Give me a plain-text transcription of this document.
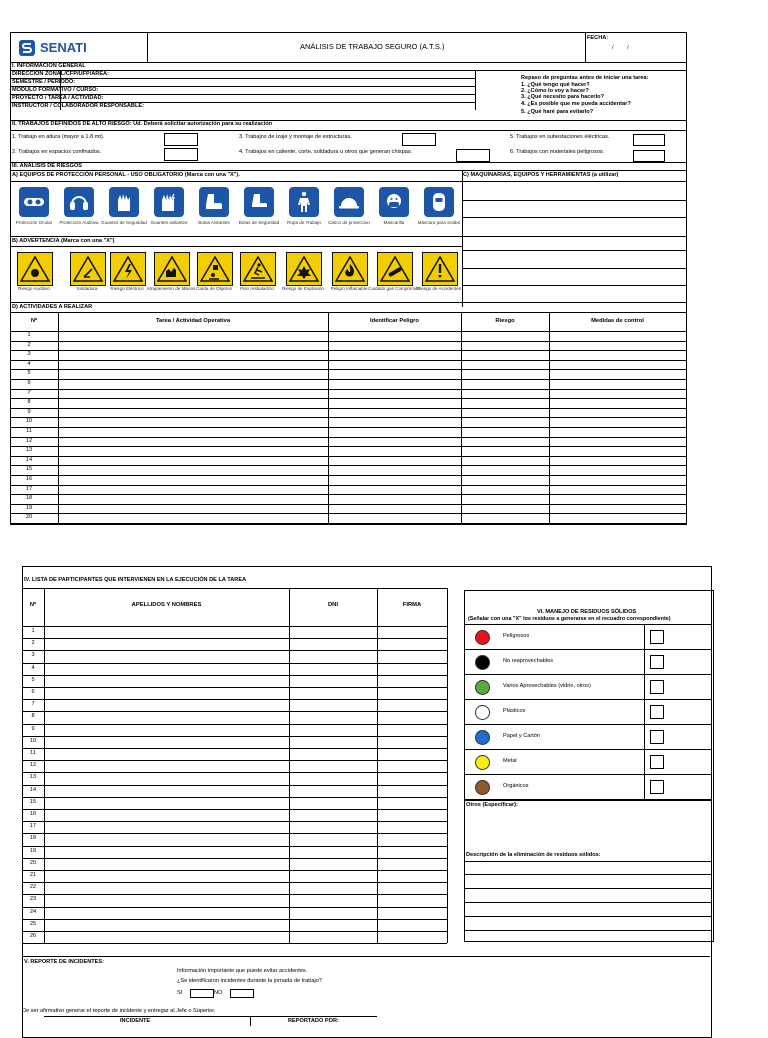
SENATI	ANÁLISIS DE TRABAJO SEGURO (A.T.S.)
FECHA:
/ /
I. INFORMACIÓN GENERAL
DIRECCIÓN ZONAL/CFP/UFP/ÁREA:
SEMESTRE / PERIODO:
MÓDULO FORMATIVO / CURSO:
PROYECTO / TAREA / ACTIVIDAD:
INSTRUCTOR / COLABORADOR RESPONSABLE:
Repaso de preguntas antes de iniciar una tarea:
1. ¿Qué tengo qué hacer?
2. ¿Cómo lo voy a hacer?
3. ¿Qué necesito para hacerlo?
4. ¿Es posible que me pueda accidentar?
5. ¿Qué haré para evitarlo?
II. TRABAJOS DEFINIDOS DE ALTO RIESGO: Ud. Deberá solicitar autorización para su realización
1. Trabajo en altura (mayor a 1.8 mt).	3. Trabajos de izaje y montaje de estructuras.	5. Trabajos en subestaciones eléctricas.
2. Trabajos en espacios confinados.	4. Trabajos en caliente, corte, soldadura u otros que generan chispas.	6. Trabajos con materiales peligrosos.
III. ANÁLISIS DE RIESGOS
A) EQUIPOS DE PROTECCIÓN PERSONAL - USO OBLIGATORIO (Marca con una "X").	C) MAQUINARIAS, EQUIPOS Y HERRAMIENTAS (a utilizar)
Protección Ocular	Protección Auditiva Guantes de Seguridad Guantes aislantes	Botas Aislantes	Botas de Seguridad	Ropa de Trabajo	Casco de proteccion	Mascarilla	Máscara para Soldar
B) ADVERTENCIA (Marca con una "X")
Riesgo Auditivo	Soldadura	Riesgo Eléctrico Atrapamiento de Manos Caída de Objetos	Piso resbaladizo	Riesgo de Explosión	Peligro Inflamable Cuidado gas Comprimido
Riesgo de Accidentes
D) ACTIVIDADES A REALIZAR
Nº	Tarea / Actividad Operativa	Identificar Peligro	Riesgo	Medidas de control
1
2
3
4
5
6
7
8
9
10
11
12
13
14
15
16
17
18
19
20
IV. LISTA DE PARTICIPANTES QUE INTERVIENEN EN LA EJECUCIÓN DE LA TAREA
Nº	APELLIDOS Y NOMBRES	DNI	FIRMA
1
2
3
4
5
6
7
8
9
10
11
12
13
14
15
16
17
18
19
20
21
22
23
24
25
26
VI. MANEJO DE RESIDUOS SÓLIDOS
(Señalar con una "X" los residuos a generarse en el recuadro correspondiente)
Peligrosos
No reaprovechables
Varios Aprovechables (vidrio, otros)
Plásticos
Papel y Cartón
Metal
Orgánicos
Otros (Especificar):
Descripción de la eliminación de residuos sólidos:
V. REPORTE DE INCIDENTES:
Información importante que puede evitar accidentes.
¿Se identificaron incidentes durante la jornada de trabajo?
SI	NO
De ser afirmativo generar el reporte de incidente y entregar al Jefe o Superior.
INCIDENTE	REPORTADO POR:
